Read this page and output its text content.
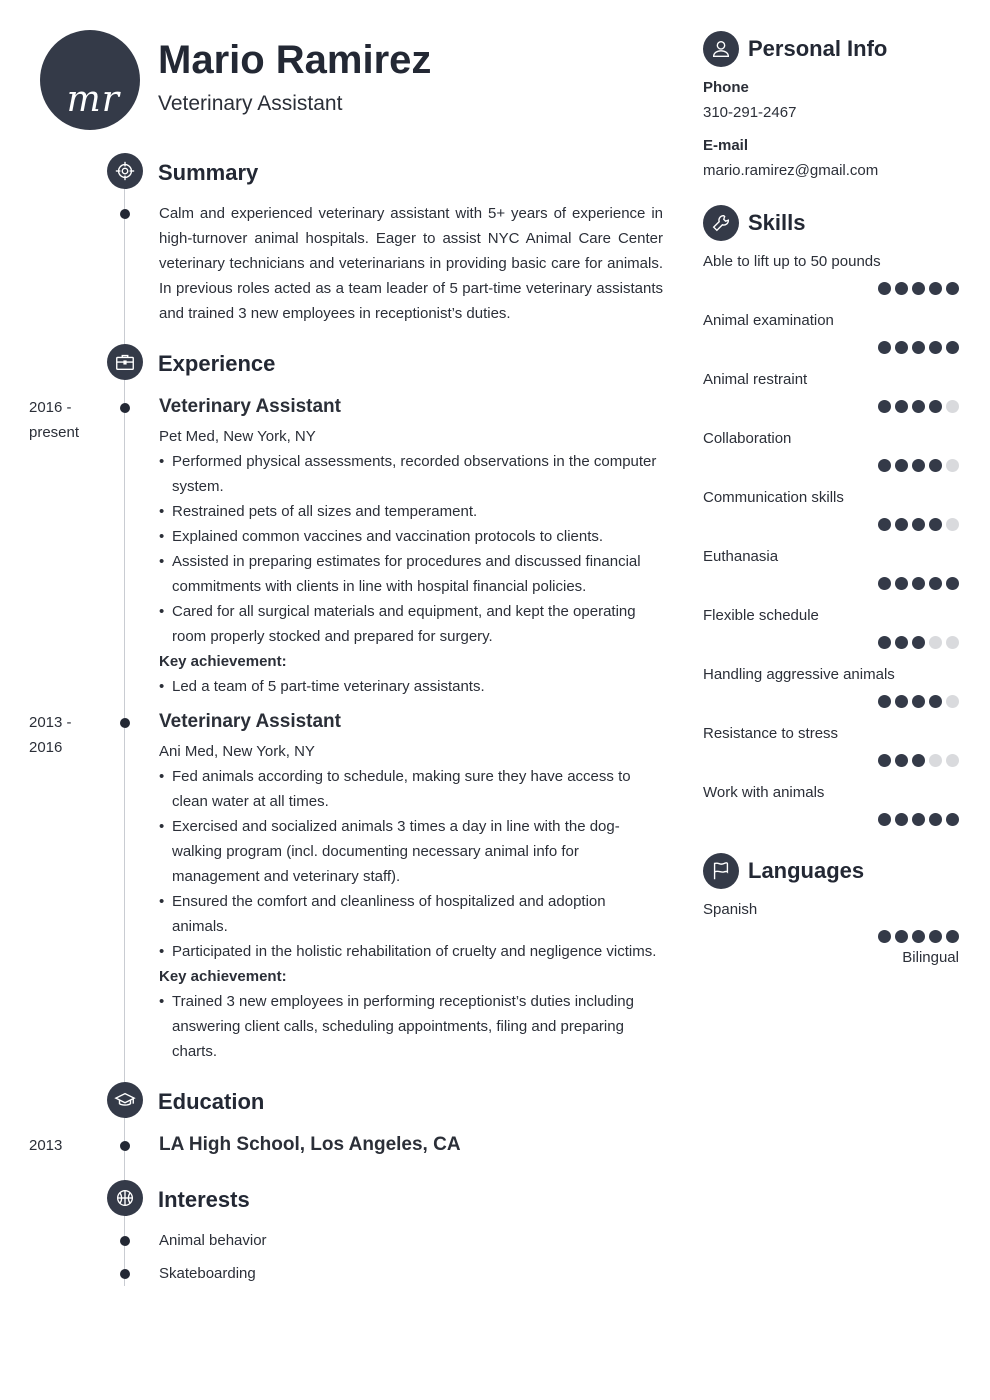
mr
Mario Ramirez
Veterinary Assistant
Summary
Calm and experienced veterinary assistant with 5+ years of experience in high-turnover animal hospitals. Eager to assist NYC Animal Care Center veterinary technicians and veterinarians in providing basic care for animals. In previous roles acted as a team leader of 5 part-time veterinary assistants and trained 3 new employees in receptionist’s duties.
Experience
2016 - present
Veterinary Assistant
Pet Med, New York, NY
• Performed physical assessments, recorded observations in the computer system.
• Restrained pets of all sizes and temperament.
• Explained common vaccines and vaccination protocols to clients.
• Assisted in preparing estimates for procedures and discussed financial commitments with clients in line with hospital financial policies.
• Cared for all surgical materials and equipment, and kept the operating room properly stocked and prepared for surgery.
Key achievement:
• Led a team of 5 part-time veterinary assistants.
2013 - 2016
Veterinary Assistant
Ani Med, New York, NY
• Fed animals according to schedule, making sure they have access to clean water at all times.
• Exercised and socialized animals 3 times a day in line with the dog-walking program (incl. documenting necessary animal info for management and veterinary staff).
• Ensured the comfort and cleanliness of hospitalized and adoption animals.
• Participated in the holistic rehabilitation of cruelty and negligence victims.
Key achievement:
• Trained 3 new employees in performing receptionist’s duties including answering client calls, scheduling appointments, filing and preparing charts.
Education
2013	LA High School, Los Angeles, CA
Interests
Animal behavior
Skateboarding
Personal Info
Phone
310-291-2467
E-mail
mario.ramirez@gmail.com
Skills
Able to lift up to 50 pounds
Animal examination
Animal restraint
Collaboration
Communication skills
Euthanasia
Flexible schedule
Handling aggressive animals
Resistance to stress
Work with animals
Languages
Spanish
Bilingual
